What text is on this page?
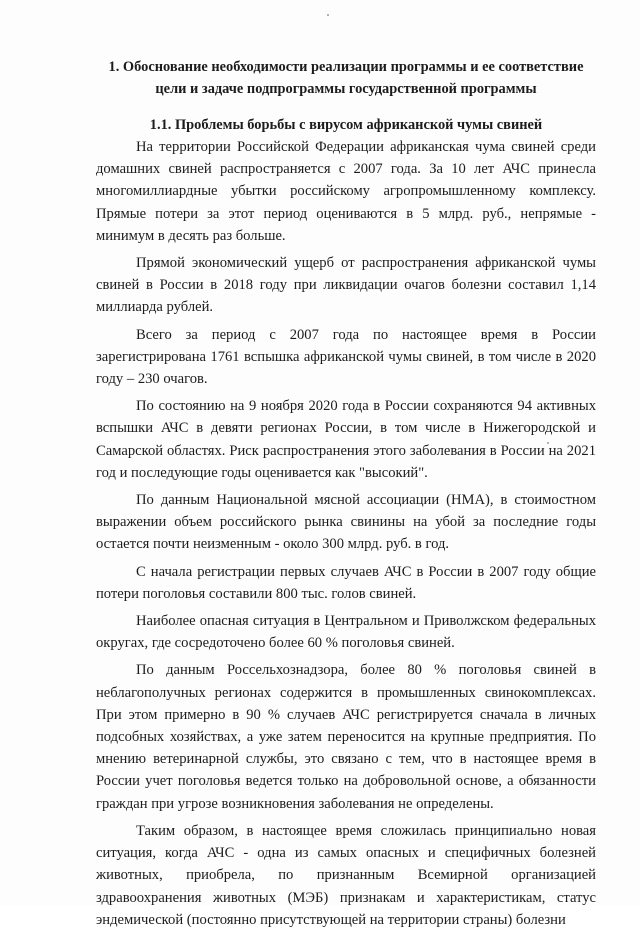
1. Обоснование необходимости реализации программы и ее соответствие цели и задаче подпрограммы государственной программы
1.1. Проблемы борьбы с вирусом африканской чумы свиней

На территории Российской Федерации африканская чума свиней среди домашних свиней распространяется с 2007 года. За 10 лет АЧС принесла многомиллиардные убытки российскому агропромышленному комплексу. Прямые потери за этот период оцениваются в 5 млрд. руб., непрямые - минимум в десять раз больше.

Прямой экономический ущерб от распространения африканской чумы свиней в России в 2018 году при ликвидации очагов болезни составил 1,14 миллиарда рублей.

Всего за период с 2007 года по настоящее время в России зарегистрирована 1761 вспышка африканской чумы свиней, в том числе в 2020 году – 230 очагов.

По состоянию на 9 ноября 2020 года в России сохраняются 94 активных вспышки АЧС в девяти регионах России, в том числе в Нижегородской и Самарской областях. Риск распространения этого заболевания в России на 2021 год и последующие годы оценивается как "высокий".

По данным Национальной мясной ассоциации (НМА), в стоимостном выражении объем российского рынка свинины на убой за последние годы остается почти неизменным - около 300 млрд. руб. в год.

С начала регистрации первых случаев АЧС в России в 2007 году общие потери поголовья составили 800 тыс. голов свиней.

Наиболее опасная ситуация в Центральном и Приволжском федеральных округах, где сосредоточено более 60 % поголовья свиней.

По данным Россельхознадзора, более 80 % поголовья свиней в неблагополучных регионах содержится в промышленных свинокомплексах. При этом примерно в 90 % случаев АЧС регистрируется сначала в личных подсобных хозяйствах, а уже затем переносится на крупные предприятия. По мнению ветеринарной службы, это связано с тем, что в настоящее время в России учет поголовья ведется только на добровольной основе, а обязанности граждан при угрозе возникновения заболевания не определены.

Таким образом, в настоящее время сложилась принципиально новая ситуация, когда АЧС - одна из самых опасных и специфичных болезней животных, приобрела, по признанным Всемирной организацией здравоохранения животных (МЭБ) признакам и характеристикам, статус эндемической (постоянно присутствующей на территории страны) болезни
